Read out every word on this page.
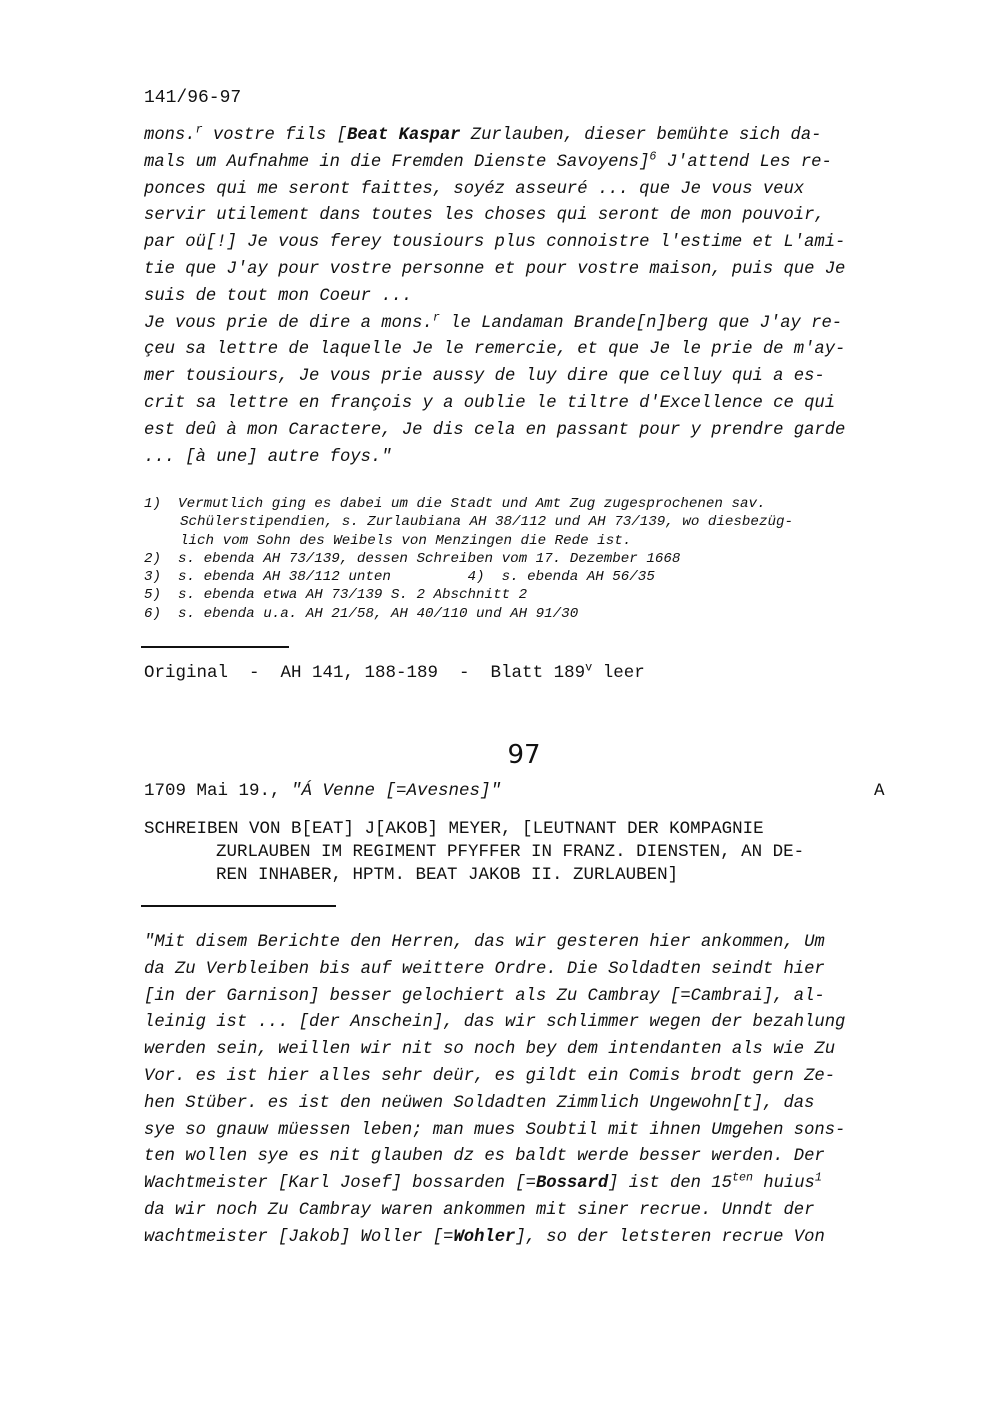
141/96-97
mons.$^r$ vostre fils [Beat Kaspar Zurlauben, dieser bemühte sich da-
mals um Aufnahme in die Fremden Dienste Savoyens]$^6$ J'attend Les re-
ponces qui me seront faittes, soyéz asseuré ... que Je vous veux
servir utilement dans toutes les choses qui seront de mon pouvoir,
par oü[!] Je vous ferey tousiours plus connoistre l'estime et L'ami-
tie que J'ay pour vostre personne et pour vostre maison, puis que Je
suis de tout mon Coeur ...
Je vous prie de dire a mons.$^r$ le Landaman Brande[n]berg que J'ay re-
çeu sa lettre de laquelle Je le remercie, et que Je le prie de m'ay-
mer tousiours, Je vous prie aussy de luy dire que celluy qui a es-
crit sa lettre en françois y a oublie le tiltre d'Excellence ce qui
est deû à mon Caractere, Je dis cela en passant pour y prendre garde
... [à une] autre foys."
1)  Vermutlich ging es dabei um die Stadt und Amt Zug zugesprochenen sav.
Schülerstipendien, s. Zurlaubiana AH 38/112 und AH 73/139, wo diesbezüg-
lich vom Sohn des Weibels von Menzingen die Rede ist.
2)  s. ebenda AH 73/139, dessen Schreiben vom 17. Dezember 1668
3)  s. ebenda AH 38/112 unten         4)  s. ebenda AH 56/35
5)  s. ebenda etwa AH 73/139 S. 2 Abschnitt 2
6)  s. ebenda u.a. AH 21/58, AH 40/110 und AH 91/30
Original  -  AH 141, 188-189  -  Blatt 189$^v$ leer
97
1709 Mai 19., "Á Venne [=Avesnes]"	A
SCHREIBEN VON B[EAT] J[AKOB] MEYER, [LEUTNANT DER KOMPAGNIE
ZURLAUBEN IM REGIMENT PFYFFER IN FRANZ. DIENSTEN, AN DE-
REN INHABER, HPTM. BEAT JAKOB II. ZURLAUBEN]
"Mit disem Berichte den Herren, das wir gesteren hier ankommen, Um
da Zu Verbleiben bis auf weittere Ordre. Die Soldadten seindt hier
[in der Garnison] besser gelochiert als Zu Cambray [=Cambrai], al-
leinig ist ... [der Anschein], das wir schlimmer wegen der bezahlung
werden sein, weillen wir nit so noch bey dem intendanten als wie Zu
Vor. es ist hier alles sehr deür, es gildt ein Comis brodt gern Ze-
hen Stüber. es ist den neüwen Soldadten Zimmlich Ungewohn[t], das
sye so gnauw müessen leben; man mues Soubtil mit ihnen Umgehen sons-
ten wollen sye es nit glauben dz es baldt werde besser werden. Der
Wachtmeister [Karl Josef] bossarden [=Bossard] ist den $15^{ten}$ huius$^1$
da wir noch Zu Cambray waren ankommen mit siner recrue. Unndt der
wachtmeister [Jakob] Woller [=Wohler], so der letsteren recrue Von
